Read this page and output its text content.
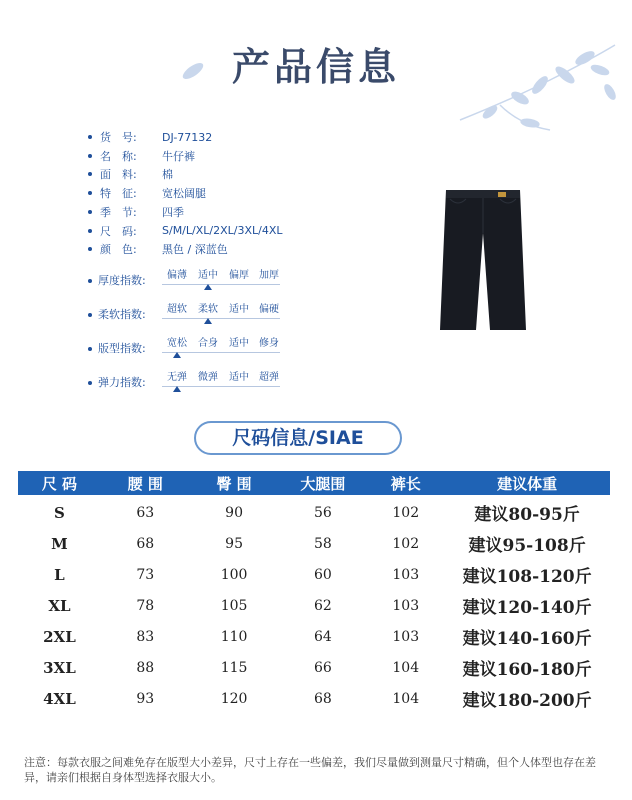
产品信息
货　号:	DJ-77132
名　称:	牛仔裤
面　料:	棉
特　征:	宽松阔腿
季　节:	四季
尺　码:	S/M/L/XL/2XL/3XL/4XL
颜　色:	黑色 / 深蓝色
厚度指数:	偏薄	适中	偏厚	加厚
柔软指数:	超软	柔软	适中	偏硬
版型指数:	宽松	合身	适中	修身
弹力指数:	无弹	微弹	适中	超弹
尺码信息/SIAE
尺 码	腰 围	臀 围	大腿围	裤长	建议体重

S	63	90	56	102	建议80-95斤
M	68	95	58	102	建议95-108斤
L	73	100	60	103	建议108-120斤
XL	78	105	62	103	建议120-140斤
2XL	83	110	64	103	建议140-160斤
3XL	88	115	66	104	建议160-180斤
4XL	93	120	68	104	建议180-200斤
注意：每款衣服之间难免存在版型大小差异，尺寸上存在一些偏差，我们尽量做到测量尺寸精确，但个人体型也存在差异，请亲们根据自身体型选择衣服大小。
